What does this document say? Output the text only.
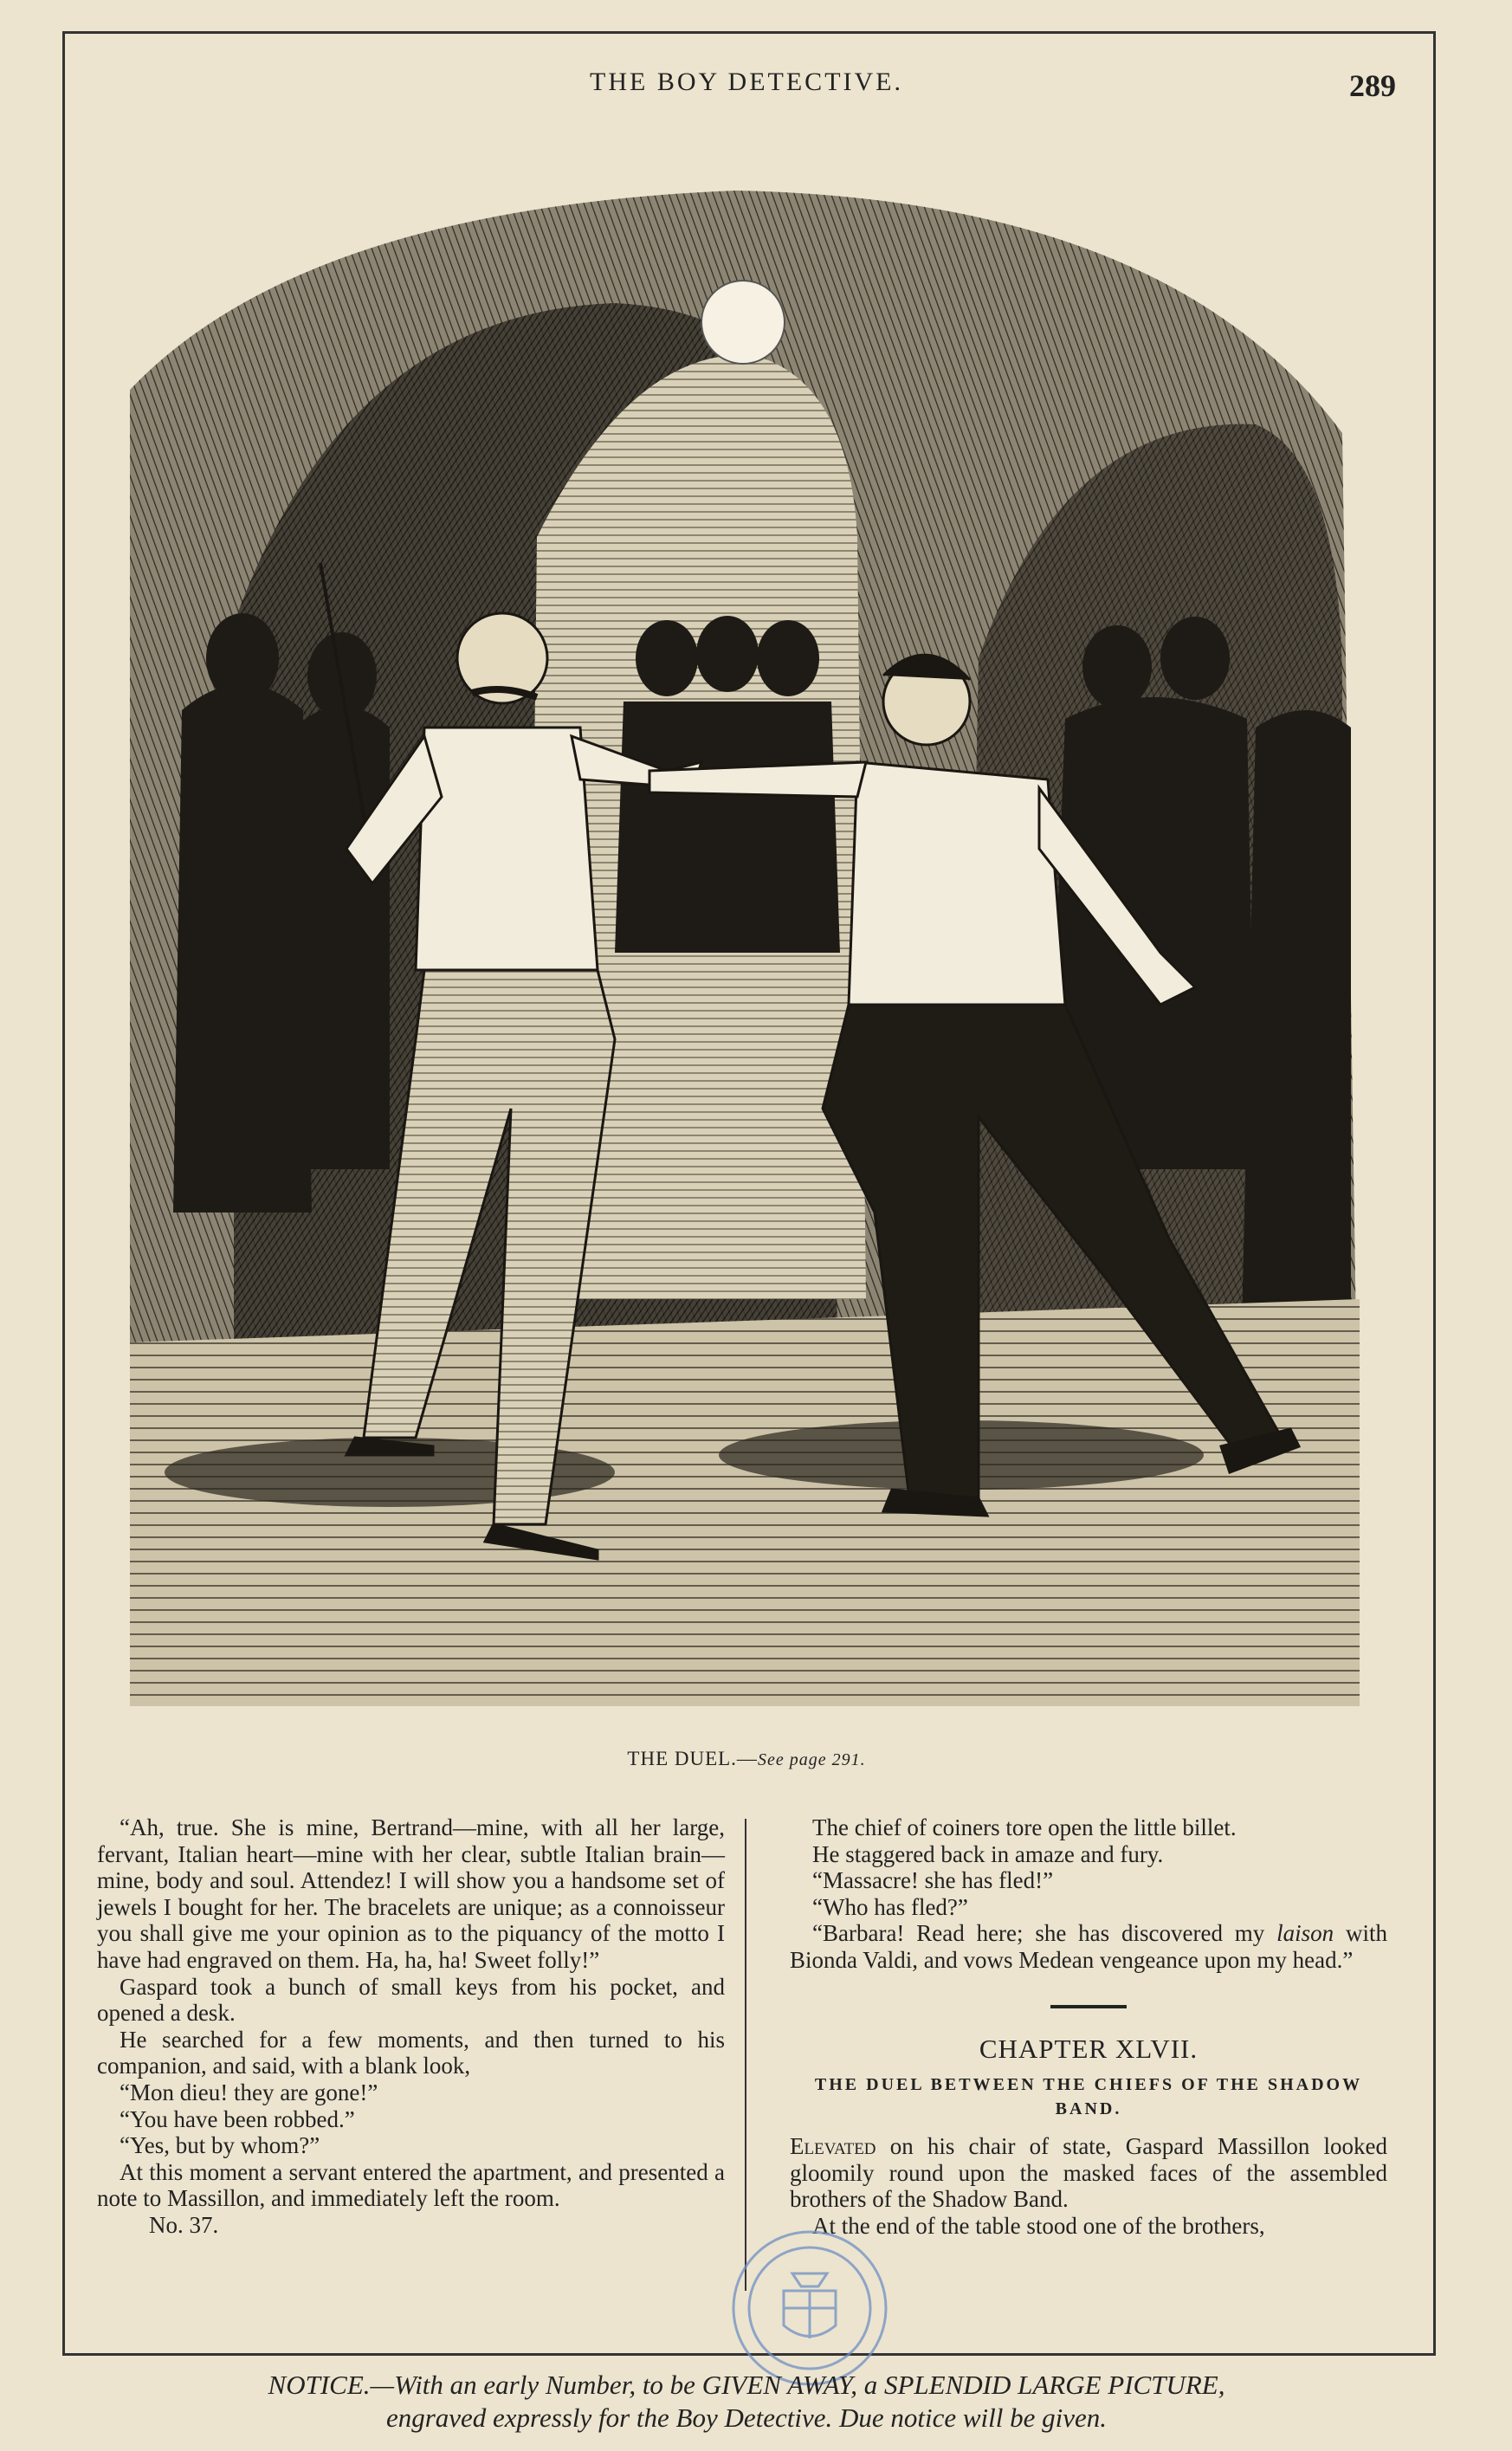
THE BOY DETECTIVE.	289
THE DUEL.—See page 291.

“Ah, true. She is mine, Bertrand—mine, with all her large, fervant, Italian heart—mine with her clear, subtle Italian brain—mine, body and soul. Attendez! I will show you a handsome set of jewels I bought for her. The bracelets are unique; as a connoisseur you shall give me your opinion as to the piquancy of the motto I have had engraved on them. Ha, ha, ha! Sweet folly!”

Gaspard took a bunch of small keys from his pocket, and opened a desk.

He searched for a few moments, and then turned to his companion, and said, with a blank look,

“Mon dieu! they are gone!”

“You have been robbed.”

“Yes, but by whom?”

At this moment a servant entered the apartment, and presented a note to Massillon, and immediately left the room.

No. 37.

The chief of coiners tore open the little billet.

He staggered back in amaze and fury.

“Massacre! she has fled!”

“Who has fled?”

“Barbara! Read here; she has discovered my laison with Bionda Valdi, and vows Medean vengeance upon my head.”

CHAPTER XLVII.

THE DUEL BETWEEN THE CHIEFS OF THE SHADOW BAND.

Elevated on his chair of state, Gaspard Massillon looked gloomily round upon the masked faces of the assembled brothers of the Shadow Band.

At the end of the table stood one of the brothers,

NOTICE.—With an early Number, to be GIVEN AWAY, a SPLENDID LARGE PICTURE,
engraved expressly for the Boy Detective. Due notice will be given.
